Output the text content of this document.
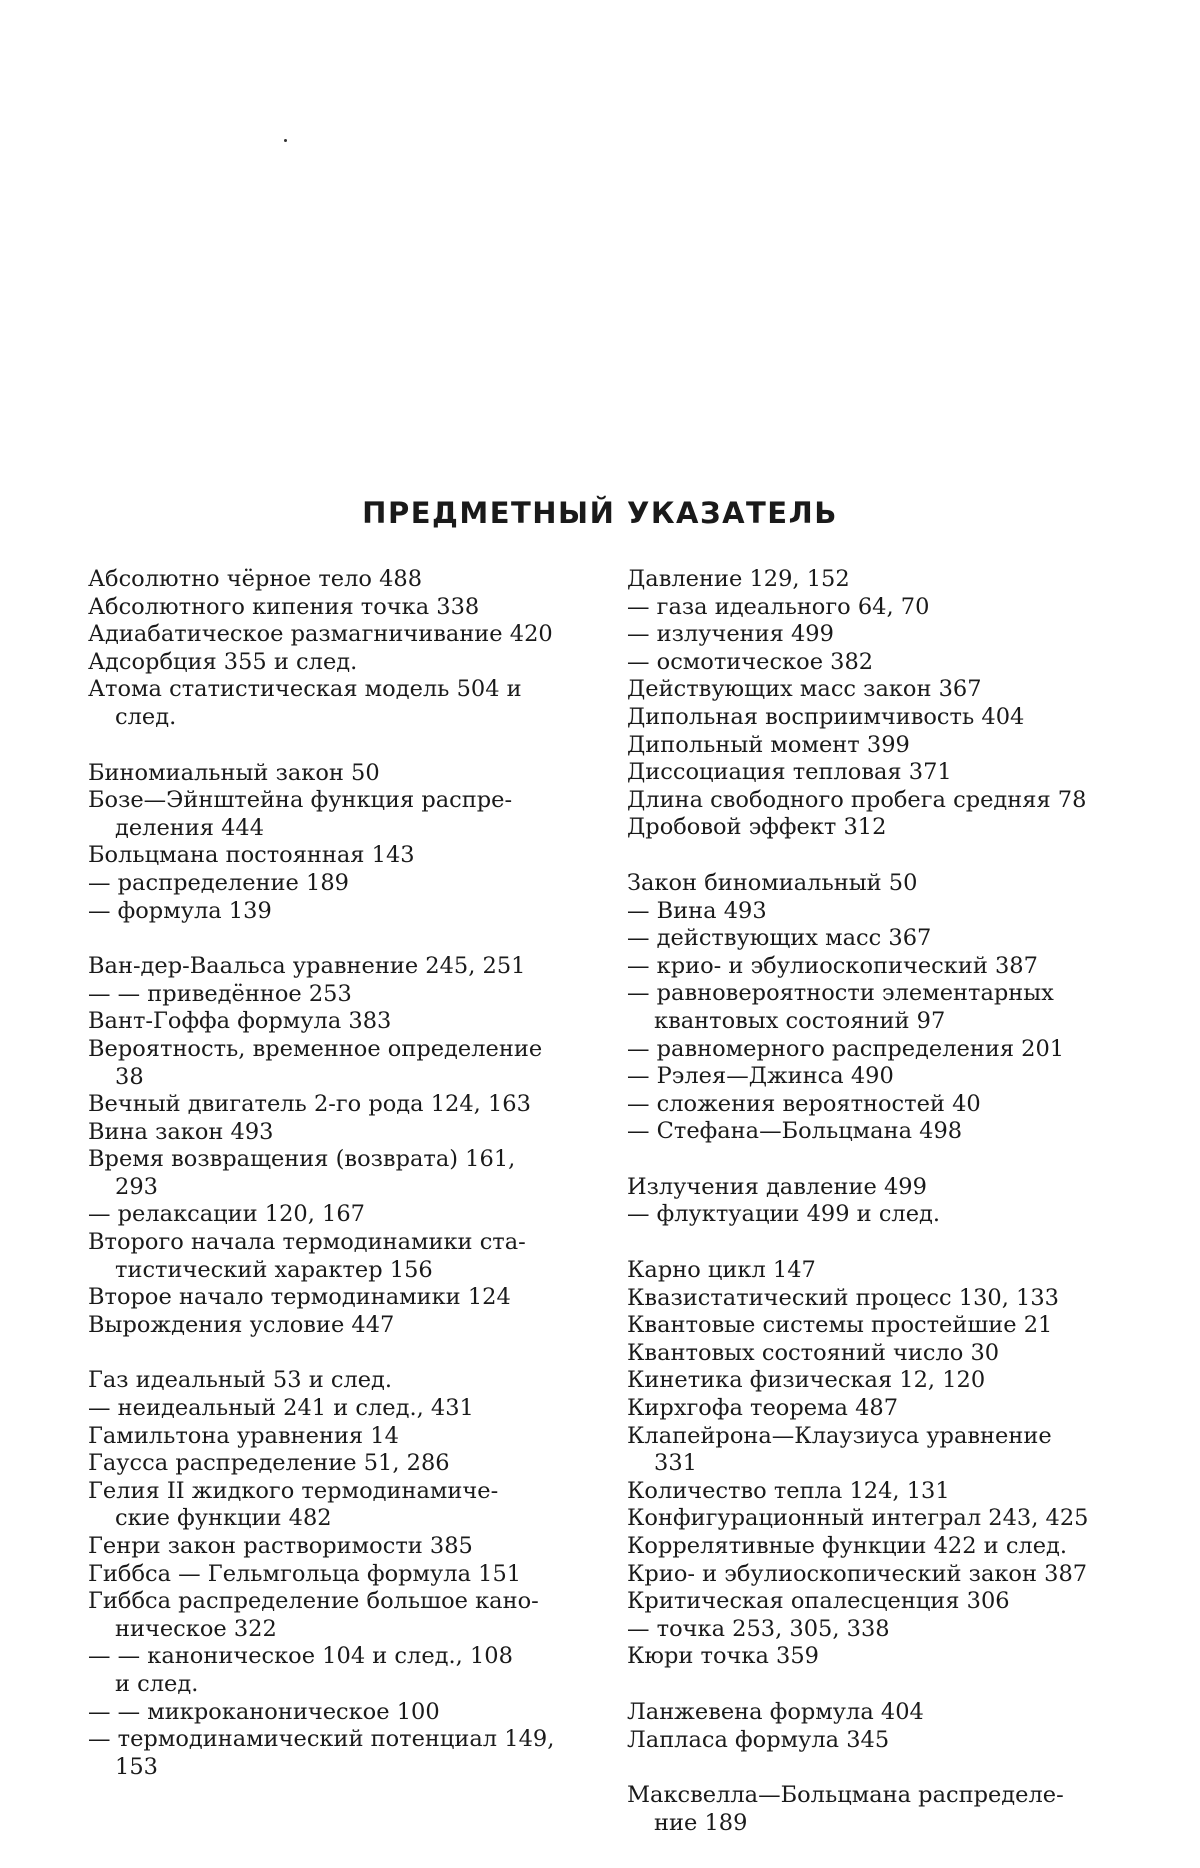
ПРЕДМЕТНЫЙ УКАЗАТЕЛЬ
Абсолютно чёрное тело 488
Абсолютного кипения точка 338
Адиабатическое размагничивание 420
Адсорбция 355 и след.
Атома статистическая модель 504 и
след.
Биномиальный закон 50
Бозе—Эйнштейна функция распре-
деления 444
Больцмана постоянная 143
— распределение 189
— формула 139
Ван-дер-Ваальса уравнение 245, 251
— — приведённое 253
Вант-Гоффа формула 383
Вероятность, временное определение
38
Вечный двигатель 2-го рода 124, 163
Вина закон 493
Время возвращения (возврата) 161,
293
— релаксации 120, 167
Второго начала термодинамики ста-
тистический характер 156
Второе начало термодинамики 124
Вырождения условие 447
Газ идеальный 53 и след.
— неидеальный 241 и след., 431
Гамильтона уравнения 14
Гаусса распределение 51, 286
Гелия II жидкого термодинамиче-
ские функции 482
Генри закон растворимости 385
Гиббса — Гельмгольца формула 151
Гиббса распределение большое кано-
ническое 322
— — каноническое 104 и след., 108
и след.
— — микроканоническое 100
— термодинамический потенциал 149,
153
Давление 129, 152
— газа идеального 64, 70
— излучения 499
— осмотическое 382
Действующих масс закон 367
Дипольная восприимчивость 404
Дипольный момент 399
Диссоциация тепловая 371
Длина свободного пробега средняя 78
Дробовой эффект 312
Закон биномиальный 50
— Вина 493
— действующих масс 367
— крио- и эбулиоскопический 387
— равновероятности элементарных
квантовых состояний 97
— равномерного распределения 201
— Рэлея—Джинса 490
— сложения вероятностей 40
— Стефана—Больцмана 498
Излучения давление 499
— флуктуации 499 и след.
Карно цикл 147
Квазистатический процесс 130, 133
Квантовые системы простейшие 21
Квантовых состояний число 30
Кинетика физическая 12, 120
Кирхгофа теорема 487
Клапейрона—Клаузиуса уравнение
331
Количество тепла 124, 131
Конфигурационный интеграл 243, 425
Коррелятивные функции 422 и след.
Крио- и эбулиоскопический закон 387
Критическая опалесценция 306
— точка 253, 305, 338
Кюри точка 359
Ланжевена формула 404
Лапласа формула 345
Максвелла—Больцмана распределе-
ние 189
